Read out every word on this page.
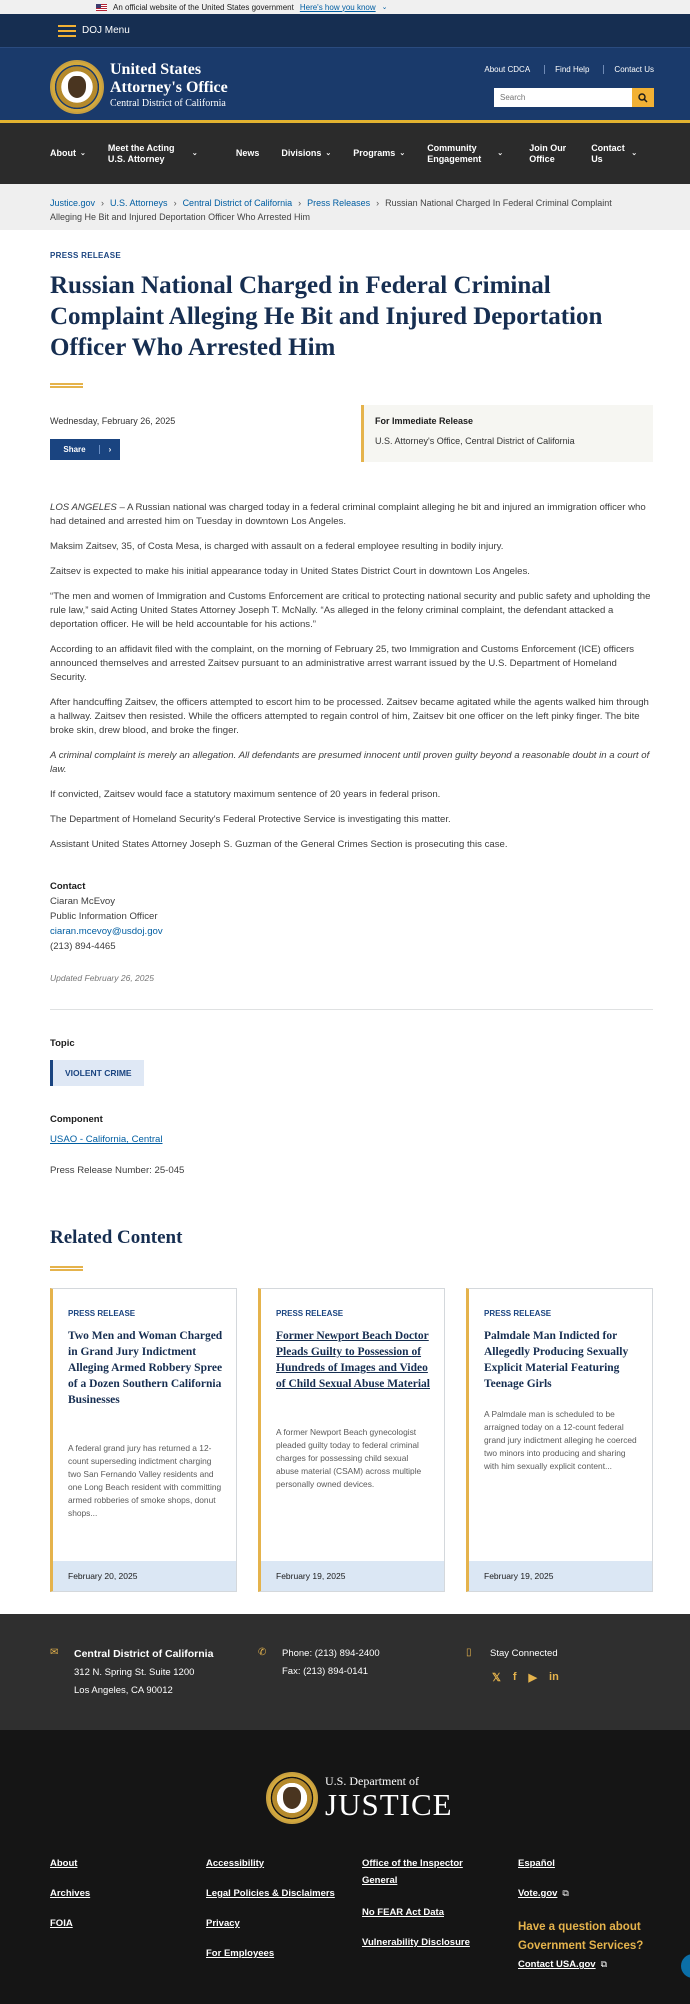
An official website of the United States government Here's how you know ⌄
DOJ Menu
United States
Attorney's Office
Central District of California
About CDCA	Find Help	Contact Us
Search
About ⌄
Meet the Acting U.S. Attorney	⌄	News Divisions ⌄ Programs ⌄
Community Engagement	⌄
Join Our Office
Contact Us	⌄
Justice.gov › U.S. Attorneys › Central District of California › Press Releases › Russian National Charged In Federal Criminal Complaint Alleging He Bit and Injured Deportation Officer Who Arrested Him
PRESS RELEASE
Russian National Charged in Federal Criminal Complaint Alleging He Bit and Injured Deportation Officer Who Arrested Him
Wednesday, February 26, 2025
Share	›
For Immediate Release
U.S. Attorney's Office, Central District of California

LOS ANGELES – A Russian national was charged today in a federal criminal complaint alleging he bit and injured an immigration officer who had detained and arrested him on Tuesday in downtown Los Angeles.

Maksim Zaitsev, 35, of Costa Mesa, is charged with assault on a federal employee resulting in bodily injury.

Zaitsev is expected to make his initial appearance today in United States District Court in downtown Los Angeles.

“The men and women of Immigration and Customs Enforcement are critical to protecting national security and public safety and upholding the rule law,” said Acting United States Attorney Joseph T. McNally. “As alleged in the felony criminal complaint, the defendant attacked a deportation officer. He will be held accountable for his actions.”

According to an affidavit filed with the complaint, on the morning of February 25, two Immigration and Customs Enforcement (ICE) officers announced themselves and arrested Zaitsev pursuant to an administrative arrest warrant issued by the U.S. Department of Homeland Security.

After handcuffing Zaitsev, the officers attempted to escort him to be processed. Zaitsev became agitated while the agents walked him through a hallway. Zaitsev then resisted. While the officers attempted to regain control of him, Zaitsev bit one officer on the left pinky finger. The bite broke skin, drew blood, and broke the finger.

A criminal complaint is merely an allegation. All defendants are presumed innocent until proven guilty beyond a reasonable doubt in a court of law.

If convicted, Zaitsev would face a statutory maximum sentence of 20 years in federal prison.

The Department of Homeland Security's Federal Protective Service is investigating this matter.

Assistant United States Attorney Joseph S. Guzman of the General Crimes Section is prosecuting this case.

Contact
Ciaran McEvoy
Public Information Officer
ciaran.mcevoy@usdoj.gov
(213) 894-4465
Updated February 26, 2025
Topic
VIOLENT CRIME
Component
USAO - California, Central
Press Release Number: 25-045
Related Content
PRESS RELEASE
Two Men and Woman Charged in Grand Jury Indictment Alleging Armed Robbery Spree of a Dozen Southern California Businesses
A federal grand jury has returned a 12-count superseding indictment charging two San Fernando Valley residents and one Long Beach resident with committing armed robberies of smoke shops, donut shops...
February 20, 2025
PRESS RELEASE
Former Newport Beach Doctor Pleads Guilty to Possession of Hundreds of Images and Video of Child Sexual Abuse Material
A former Newport Beach gynecologist pleaded guilty today to federal criminal charges for possessing child sexual abuse material (CSAM) across multiple personally owned devices.
February 19, 2025
PRESS RELEASE
Palmdale Man Indicted for Allegedly Producing Sexually Explicit Material Featuring Teenage Girls
A Palmdale man is scheduled to be arraigned today on a 12-count federal grand jury indictment alleging he coerced two minors into producing and sharing with him sexually explicit content...
February 19, 2025
✉ Central District of California
312 N. Spring St. Suite 1200
Los Angeles, CA 90012
✆ Phone: (213) 894-2400
Fax: (213) 894-0141
▯	Stay Connected
𝕏 f ▶ in
U.S. Department of
JUSTICE
About
Archives
FOIA
Accessibility
Legal Policies & Disclaimers
Privacy
For Employees
Office of the Inspector General
No FEAR Act Data
Vulnerability Disclosure
Español
Vote.gov ⧉
Have a question about Government Services?
Contact USA.gov ⧉
